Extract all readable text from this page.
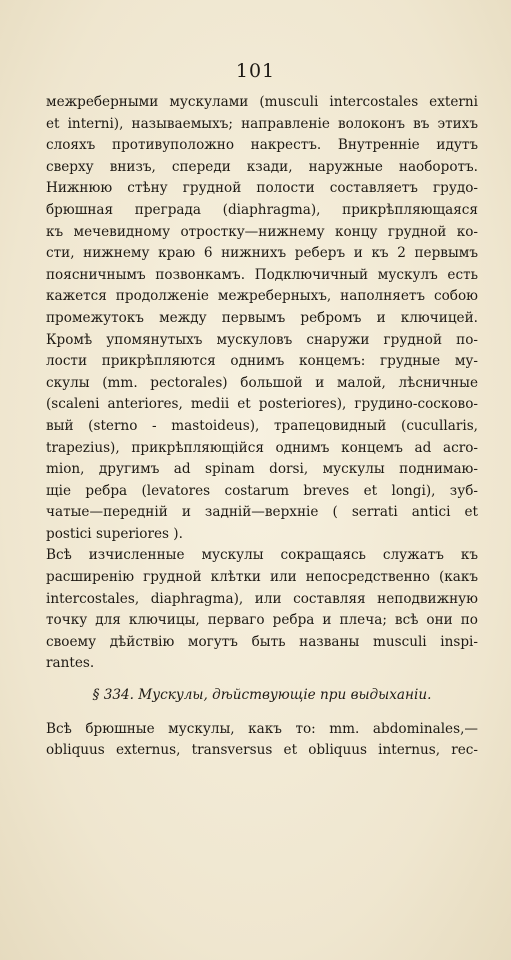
101
межреберными мускулами (musculi intercostales externi
et interni), называемыхъ; направленіе волоконъ въ этихъ
слояхъ противуположно накрестъ. Внутренніе идутъ
сверху внизъ, спереди кзади, наружные наоборотъ.
Нижнюю стѣну грудной полости составляетъ грудо-
брюшная преграда (diaphragma), прикрѣпляющаяся
къ мечевидному отростку—нижнему концу грудной ко-
сти, нижнему краю 6 нижнихъ реберъ и къ 2 первымъ
поясничнымъ позвонкамъ. Подключичный мускулъ есть
кажется продолженіе межреберныхъ, наполняетъ собою
промежутокъ между первымъ ребромъ и ключицей.
Кромѣ упомянутыхъ мускуловъ снаружи грудной по-
лости прикрѣпляются однимъ концемъ: грудные му-
скулы (mm. pectorales) большой и малой, лѣсничные
(scaleni anteriores, medii et posteriores), грудино-сосково-
вый (sterno - mastoideus), трапецовидный (cucullaris,
trapezius), прикрѣпляющійся однимъ концемъ ad acro-
mion, другимъ ad spinam dorsi, мускулы поднимаю-
щіе ребра (levatores costarum breves et longi), зуб-
чатые—передній и задній—верхніе ( serrati antici et
postici superiores ).
Всѣ изчисленные мускулы сокращаясь служатъ къ
расширенію грудной клѣтки или непосредственно (какъ
intercostales, diaphragma), или составляя неподвижную
точку для ключицы, перваго ребра и плеча; всѣ они по
своему дѣйствію могутъ быть названы musculi inspi-
rantes.
§ 334. Мускулы, дѣйствующіе при выдыханіи.
Всѣ брюшные мускулы, какъ то: mm. abdominales,—
obliquus externus, transversus et obliquus internus, rec-
